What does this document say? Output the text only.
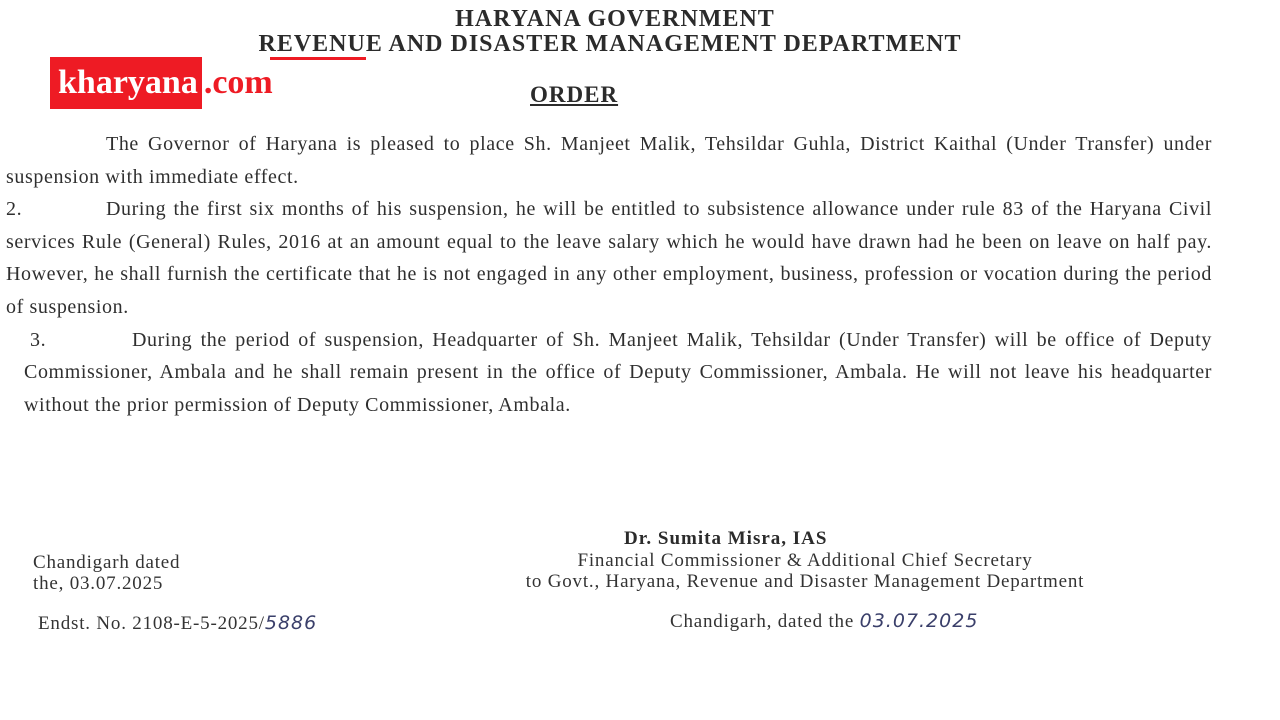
HARYANA GOVERNMENT
REVENUE AND DISASTER MANAGEMENT DEPARTMENT
kharyana .com	ORDER

The Governor of Haryana is pleased to place Sh. Manjeet Malik, Tehsildar Guhla, District Kaithal (Under Transfer) under suspension with immediate effect.

2.	During the first six months of his suspension, he will be entitled to subsistence allowance under rule 83 of the Haryana Civil services Rule (General) Rules, 2016 at an amount equal to the leave salary which he would have drawn had he been on leave on half pay. However, he shall furnish the certificate that he is not engaged in any other employment, business, profession or vocation during the period of suspension.

3.	During the period of suspension, Headquarter of Sh. Manjeet Malik, Tehsildar (Under Transfer) will be office of Deputy Commissioner, Ambala and he shall remain present in the office of Deputy Commissioner, Ambala. He will not leave his headquarter without the prior permission of Deputy Commissioner, Ambala.

Dr. Sumita Misra, IAS
Financial Commissioner & Additional Chief Secretary
to Govt., Haryana, Revenue and Disaster Management Department
Chandigarh dated
the, 03.07.2025
Endst. No. 2108-E-5-2025/5886	Chandigarh, dated the 03.07.2025
